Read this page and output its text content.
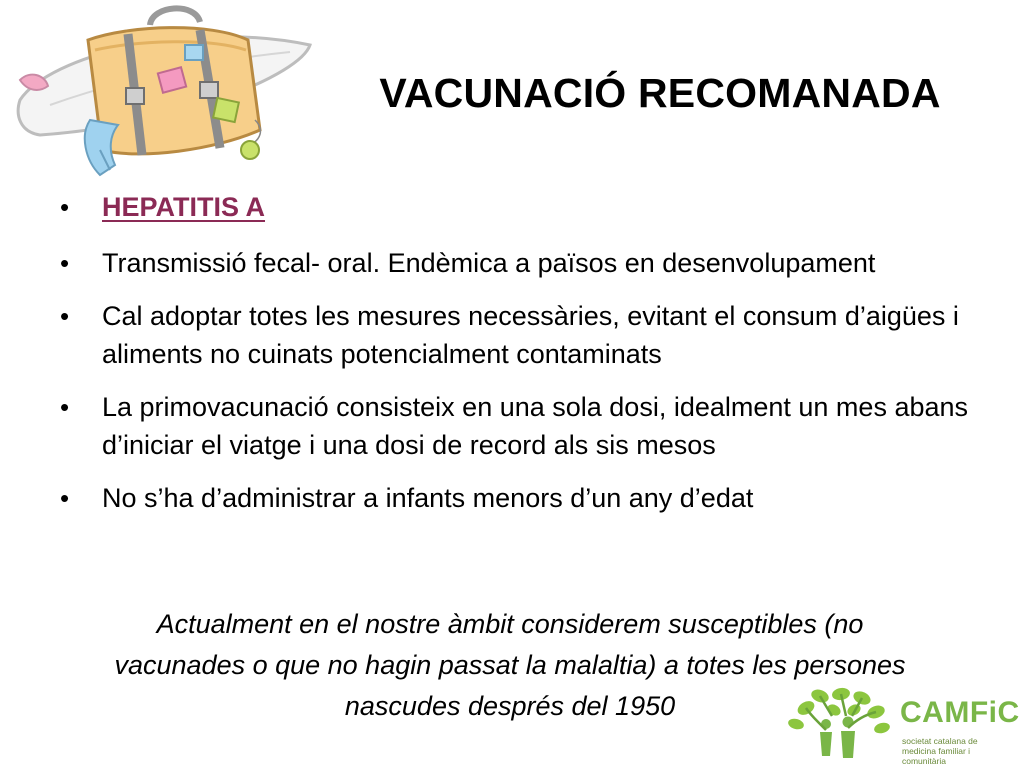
VACUNACIÓ RECOMANADA
• HEPATITIS A
• Transmissió fecal- oral. Endèmica a països en desenvolupament
• Cal adoptar totes les mesures necessàries, evitant el consum d’aigües i aliments no cuinats potencialment contaminats
• La primovacunació consisteix en una sola dosi, idealment un mes abans d’iniciar el viatge i una dosi de record als sis mesos
• No s’ha d’administrar a infants menors d’un any d’edat
Actualment en el nostre àmbit considerem susceptibles (no vacunades o que no hagin passat la malaltia) a totes les persones nascudes després del 1950	CAMFiC
societat catalana de medicina familiar i comunitària
